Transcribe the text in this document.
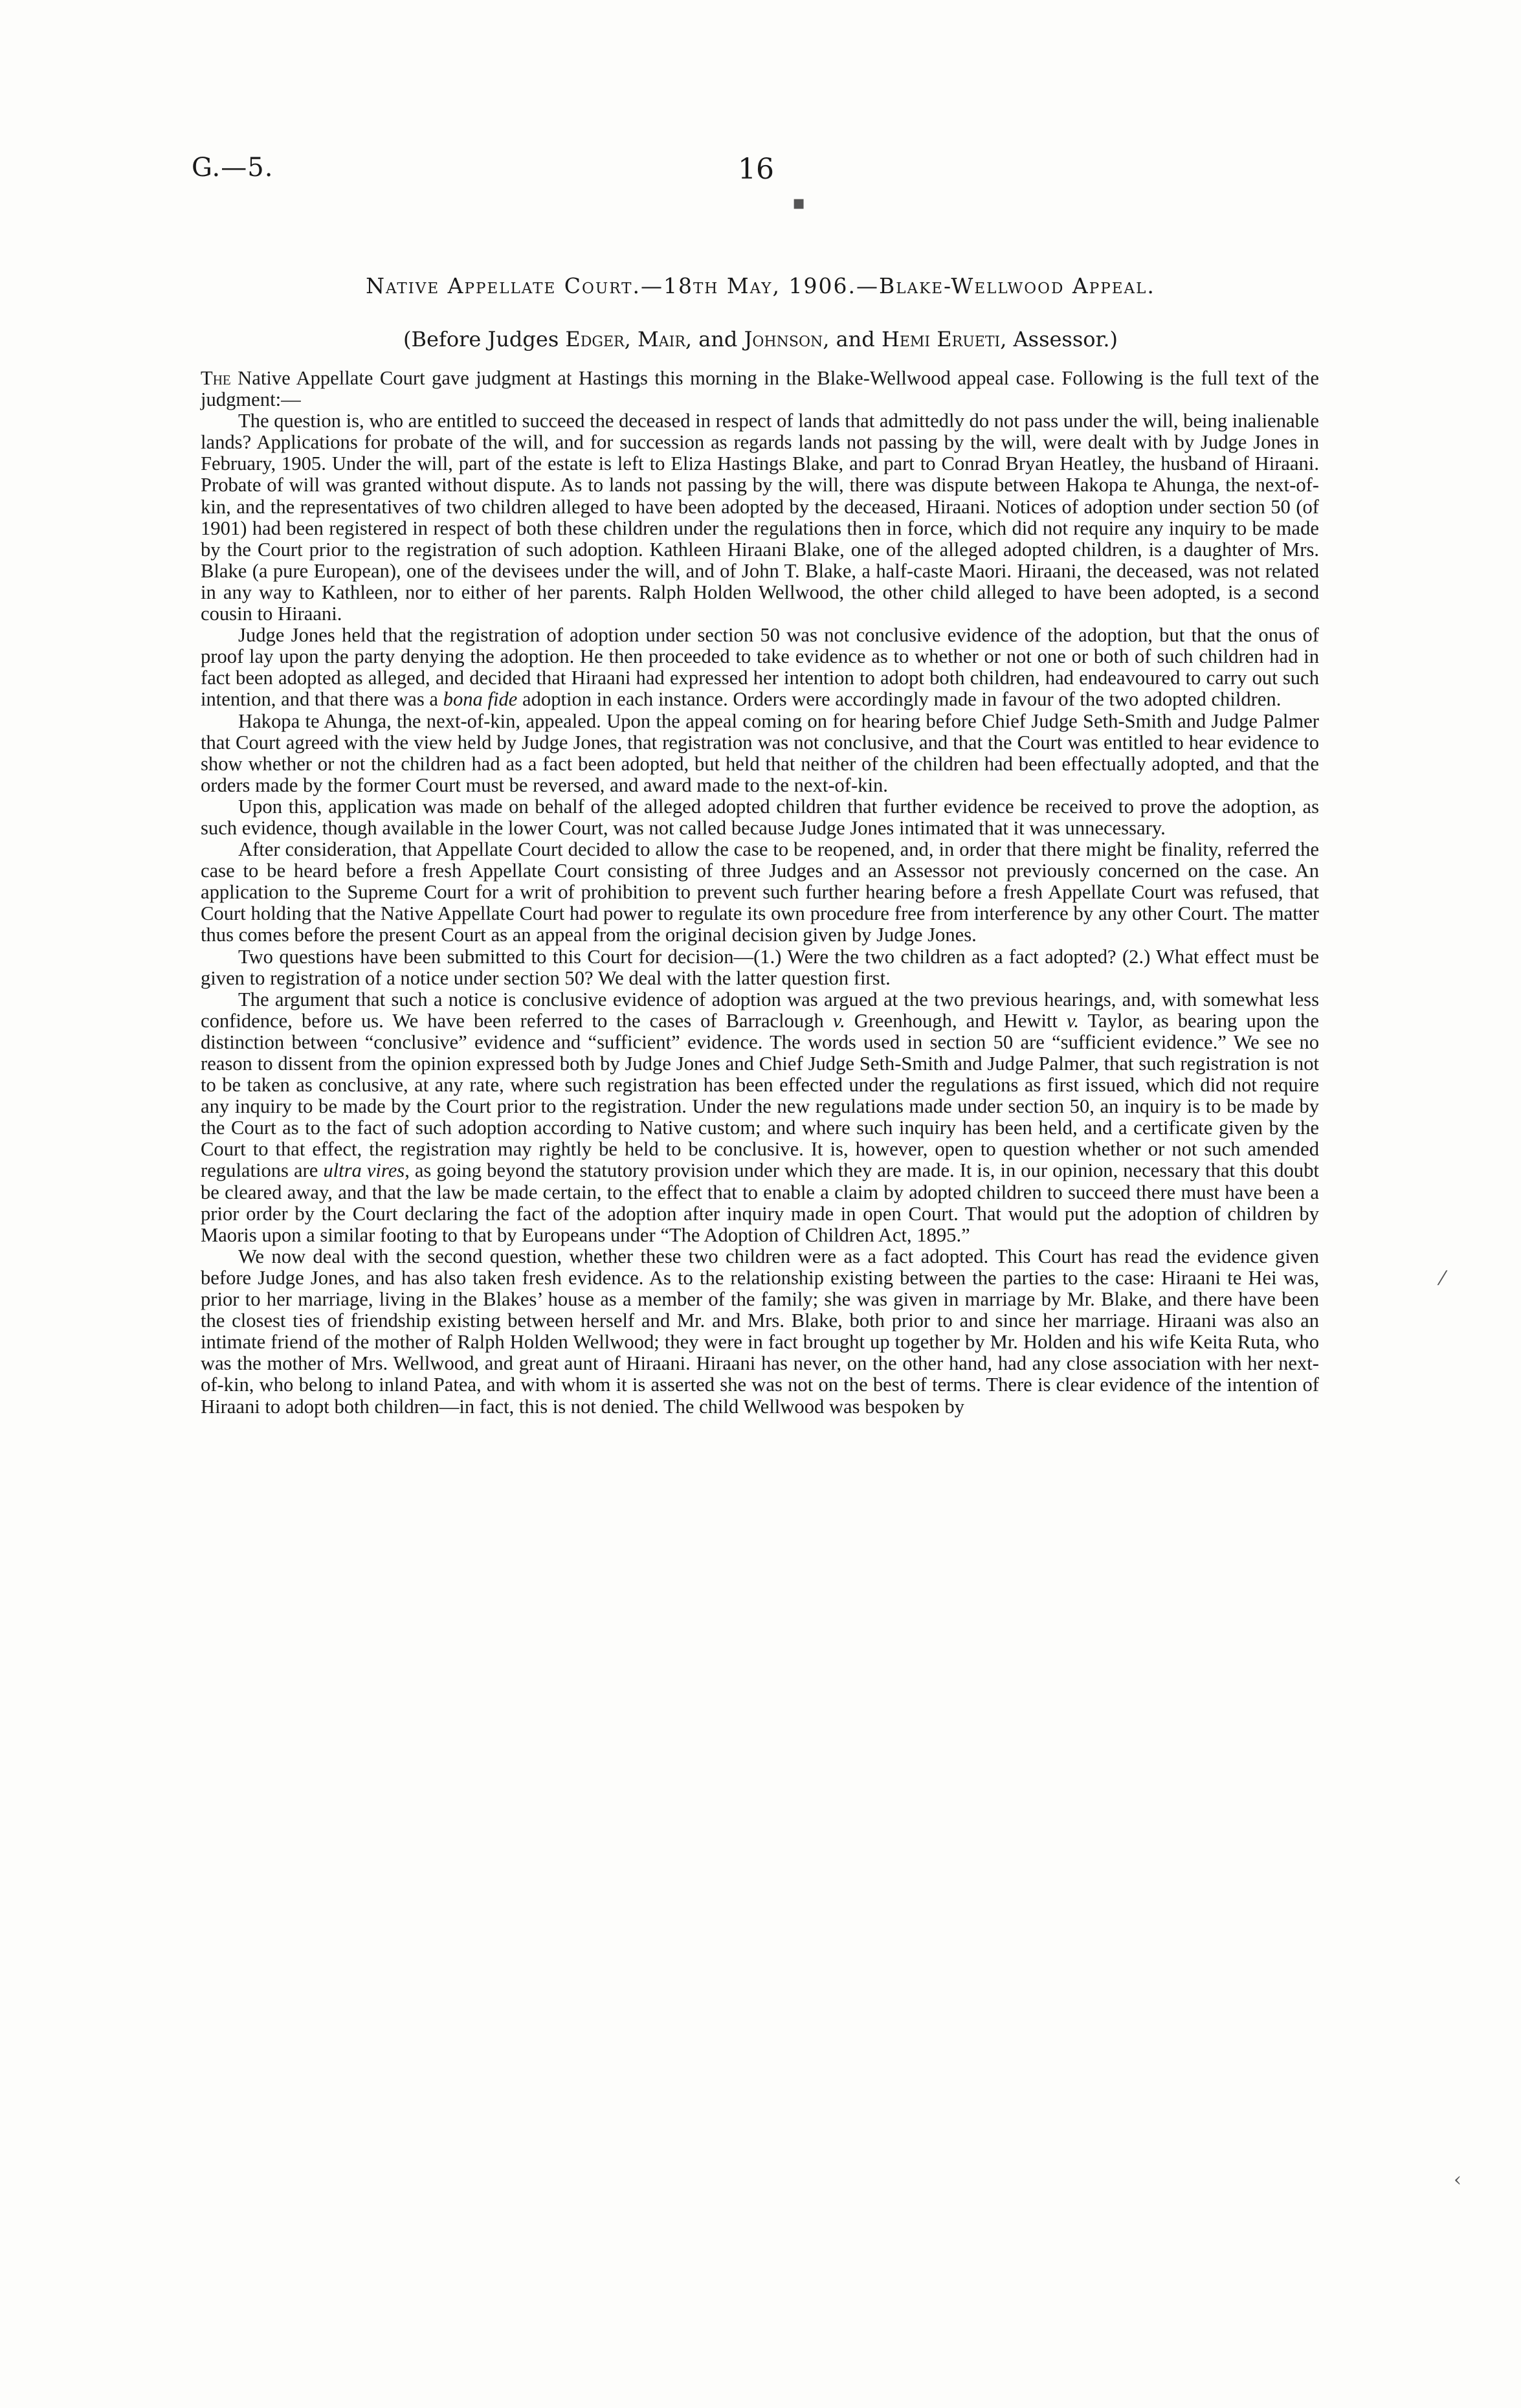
G.—5.	16
Native Appellate Court.—18th May, 1906.—Blake-Wellwood Appeal.
(Before Judges Edger, Mair, and Johnson, and Hemi Erueti, Assessor.)

The Native Appellate Court gave judgment at Hastings this morning in the Blake-Wellwood appeal case. Following is the full text of the judgment:—

The question is, who are entitled to succeed the deceased in respect of lands that admittedly do not pass under the will, being inalienable lands? Applications for probate of the will, and for succession as regards lands not passing by the will, were dealt with by Judge Jones in February, 1905. Under the will, part of the estate is left to Eliza Hastings Blake, and part to Conrad Bryan Heatley, the husband of Hiraani. Probate of will was granted without dispute. As to lands not passing by the will, there was dispute between Hakopa te Ahunga, the next-of-kin, and the representatives of two children alleged to have been adopted by the deceased, Hiraani. Notices of adoption under section 50 (of 1901) had been registered in respect of both these children under the regulations then in force, which did not require any inquiry to be made by the Court prior to the registration of such adoption. Kathleen Hiraani Blake, one of the alleged adopted children, is a daughter of Mrs. Blake (a pure European), one of the devisees under the will, and of John T. Blake, a half-caste Maori. Hiraani, the deceased, was not related in any way to Kathleen, nor to either of her parents. Ralph Holden Wellwood, the other child alleged to have been adopted, is a second cousin to Hiraani.

Judge Jones held that the registration of adoption under section 50 was not conclusive evidence of the adoption, but that the onus of proof lay upon the party denying the adoption. He then proceeded to take evidence as to whether or not one or both of such children had in fact been adopted as alleged, and decided that Hiraani had expressed her intention to adopt both children, had endeavoured to carry out such intention, and that there was a bona fide adoption in each instance. Orders were accordingly made in favour of the two adopted children.

Hakopa te Ahunga, the next-of-kin, appealed. Upon the appeal coming on for hearing before Chief Judge Seth-Smith and Judge Palmer that Court agreed with the view held by Judge Jones, that registration was not conclusive, and that the Court was entitled to hear evidence to show whether or not the children had as a fact been adopted, but held that neither of the children had been effectually adopted, and that the orders made by the former Court must be reversed, and award made to the next-of-kin.

Upon this, application was made on behalf of the alleged adopted children that further evidence be received to prove the adoption, as such evidence, though available in the lower Court, was not called because Judge Jones intimated that it was unnecessary.

After consideration, that Appellate Court decided to allow the case to be reopened, and, in order that there might be finality, referred the case to be heard before a fresh Appellate Court consisting of three Judges and an Assessor not previously concerned on the case. An application to the Supreme Court for a writ of prohibition to prevent such further hearing before a fresh Appellate Court was refused, that Court holding that the Native Appellate Court had power to regulate its own procedure free from interference by any other Court. The matter thus comes before the present Court as an appeal from the original decision given by Judge Jones.

Two questions have been submitted to this Court for decision—(1.) Were the two children as a fact adopted? (2.) What effect must be given to registration of a notice under section 50? We deal with the latter question first.

The argument that such a notice is conclusive evidence of adoption was argued at the two previous hearings, and, with somewhat less confidence, before us. We have been referred to the cases of Barraclough v. Greenhough, and Hewitt v. Taylor, as bearing upon the distinction between “conclusive” evidence and “sufficient” evidence. The words used in section 50 are “sufficient evidence.” We see no reason to dissent from the opinion expressed both by Judge Jones and Chief Judge Seth-Smith and Judge Palmer, that such registration is not to be taken as conclusive, at any rate, where such registration has been effected under the regulations as first issued, which did not require any inquiry to be made by the Court prior to the registration. Under the new regulations made under section 50, an inquiry is to be made by the Court as to the fact of such adoption according to Native custom; and where such inquiry has been held, and a certificate given by the Court to that effect, the registration may rightly be held to be conclusive. It is, however, open to question whether or not such amended regulations are ultra vires, as going beyond the statutory provision under which they are made. It is, in our opinion, necessary that this doubt be cleared away, and that the law be made certain, to the effect that to enable a claim by adopted children to succeed there must have been a prior order by the Court declaring the fact of the adoption after inquiry made in open Court. That would put the adoption of children by Maoris upon a similar footing to that by Europeans under “The Adoption of Children Act, 1895.”

We now deal with the second question, whether these two children were as a fact adopted. This Court has read the evidence given before Judge Jones, and has also taken fresh evidence. As to the relationship existing between the parties to the case: Hiraani te Hei was, prior to her marriage, living in the Blakes’ house as a member of the family; she was given in marriage by Mr. Blake, and there have been the closest ties of friendship existing between herself and Mr. and Mrs. Blake, both prior to and since her marriage. Hiraani was also an intimate friend of the mother of Ralph Holden Wellwood; they were in fact brought up together by Mr. Holden and his wife Keita Ruta, who was the mother of Mrs. Wellwood, and great aunt of Hiraani. Hiraani has never, on the other hand, had any close association with her next-of-kin, who belong to inland Patea, and with whom it is asserted she was not on the best of terms. There is clear evidence of the intention of Hiraani to adopt both children—in fact, this is not denied. The child Wellwood was bespoken by

▪
⁄
‹
